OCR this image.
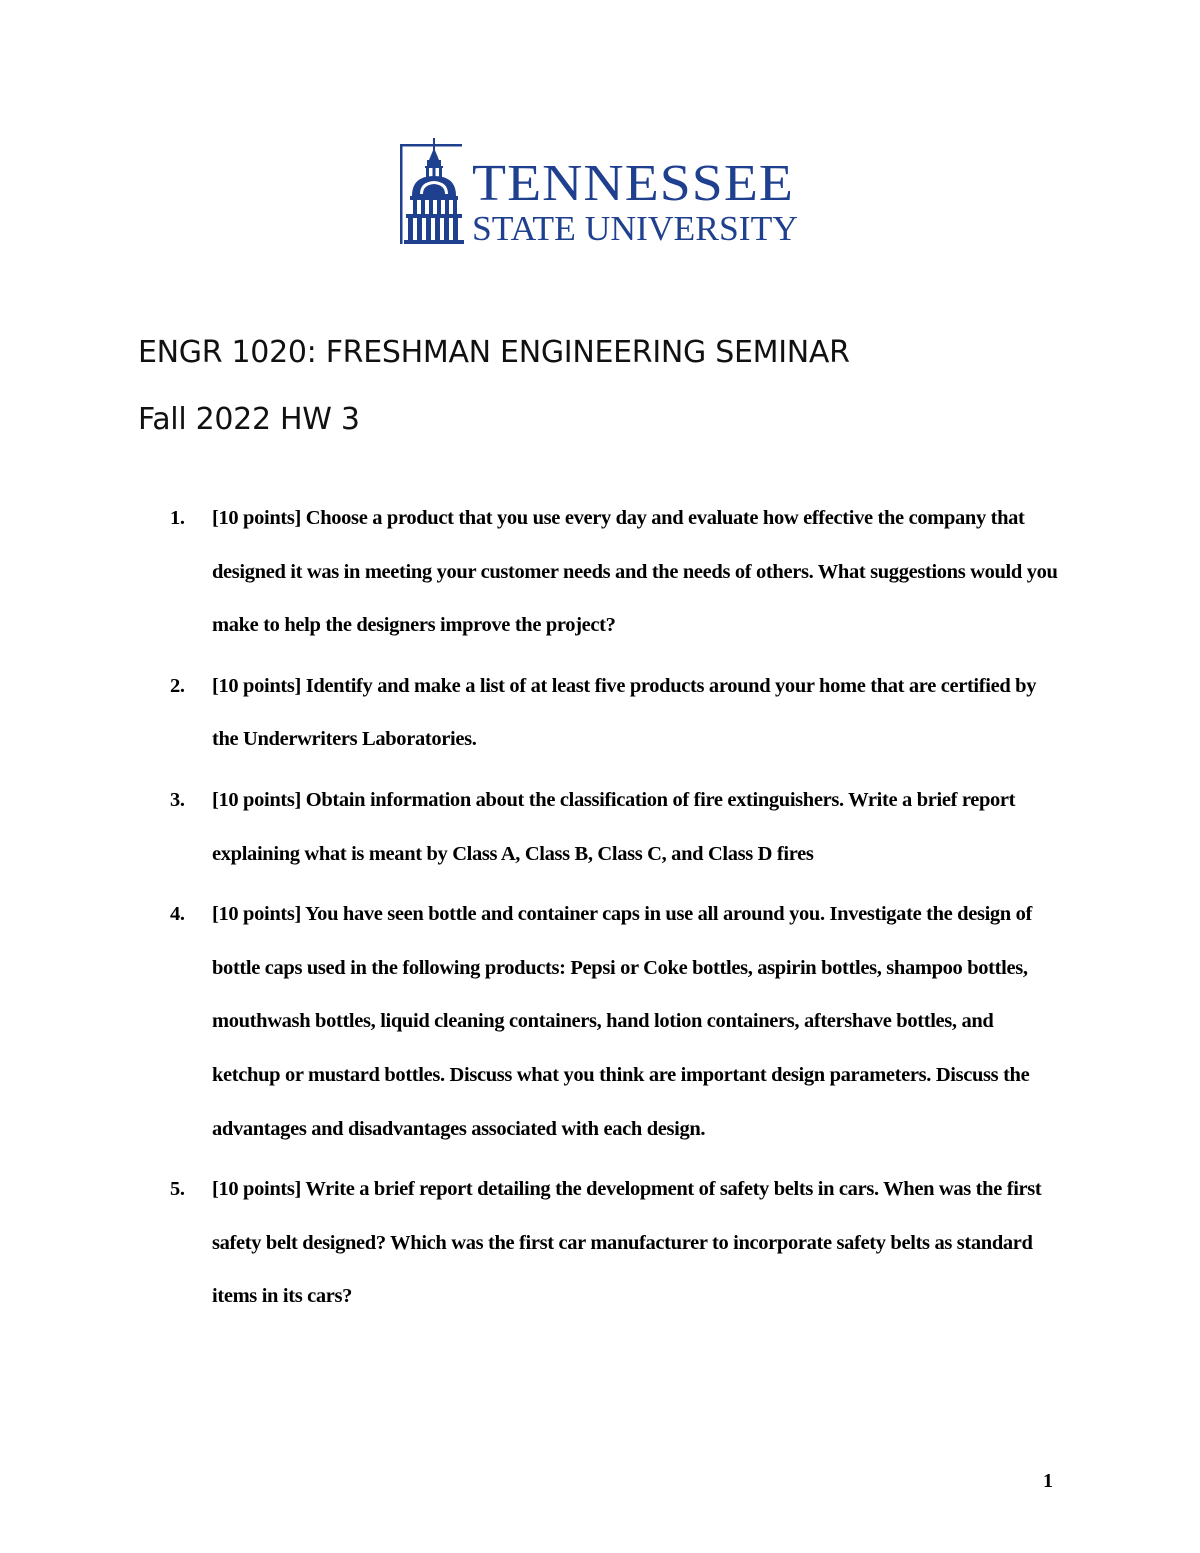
TENNESSEE
STATE UNIVERSITY
ENGR 1020: FRESHMAN ENGINEERING SEMINAR
Fall 2022 HW 3
1. [10 points] Choose a product that you use every day and evaluate how effective the company that designed it was in meeting your customer needs and the needs of others. What suggestions would you make to help the designers improve the project?
2. [10 points] Identify and make a list of at least five products around your home that are certified by the Underwriters Laboratories.
3. [10 points] Obtain information about the classification of fire extinguishers. Write a brief report explaining what is meant by Class A, Class B, Class C, and Class D fires
4. [10 points] You have seen bottle and container caps in use all around you. Investigate the design of bottle caps used in the following products: Pepsi or Coke bottles, aspirin bottles, shampoo bottles, mouthwash bottles, liquid cleaning containers, hand lotion containers, aftershave bottles, and ketchup or mustard bottles. Discuss what you think are important design parameters. Discuss the advantages and disadvantages associated with each design.
5. [10 points] Write a brief report detailing the development of safety belts in cars. When was the first safety belt designed? Which was the first car manufacturer to incorporate safety belts as standard items in its cars?
1
